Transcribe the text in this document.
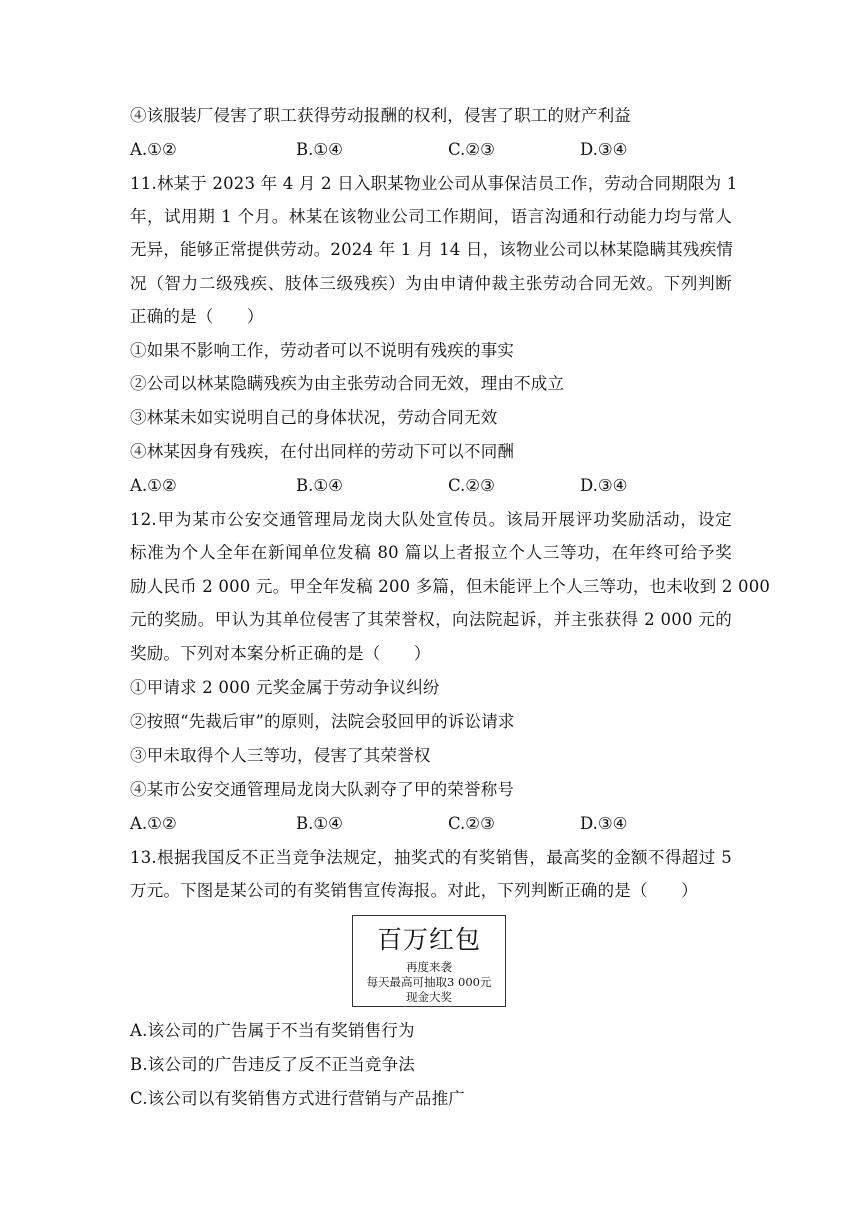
④该服装厂侵害了职工获得劳动报酬的权利，侵害了职工的财产利益
A.①②	B.①④	C.②③	D.③④
11.林某于 2023 年 4 月 2 日入职某物业公司从事保洁员工作，劳动合同期限为 1
年，试用期 1 个月。林某在该物业公司工作期间，语言沟通和行动能力均与常人
无异，能够正常提供劳动。2024 年 1 月 14 日，该物业公司以林某隐瞒其残疾情
况（智力二级残疾、肢体三级残疾）为由申请仲裁主张劳动合同无效。下列判断
正确的是（　　）
①如果不影响工作，劳动者可以不说明有残疾的事实
②公司以林某隐瞒残疾为由主张劳动合同无效，理由不成立
③林某未如实说明自己的身体状况，劳动合同无效
④林某因身有残疾，在付出同样的劳动下可以不同酬
A.①②	B.①④	C.②③	D.③④
12.甲为某市公安交通管理局龙岗大队处宣传员。该局开展评功奖励活动，设定
标准为个人全年在新闻单位发稿 80 篇以上者报立个人三等功，在年终可给予奖
励人民币 2 000 元。甲全年发稿 200 多篇，但未能评上个人三等功，也未收到 2 000
元的奖励。甲认为其单位侵害了其荣誉权，向法院起诉，并主张获得 2 000 元的
奖励。下列对本案分析正确的是（　　）
①甲请求 2 000 元奖金属于劳动争议纠纷
②按照“先裁后审”的原则，法院会驳回甲的诉讼请求
③甲未取得个人三等功，侵害了其荣誉权
④某市公安交通管理局龙岗大队剥夺了甲的荣誉称号
A.①②	B.①④	C.②③	D.③④
13.根据我国反不正当竞争法规定，抽奖式的有奖销售，最高奖的金额不得超过 5
万元。下图是某公司的有奖销售宣传海报。对此，下列判断正确的是（　　）
百万红包
再度来袭
每天最高可抽取3 000元
现金大奖
A.该公司的广告属于不当有奖销售行为
B.该公司的广告违反了反不正当竞争法
C.该公司以有奖销售方式进行营销与产品推广
